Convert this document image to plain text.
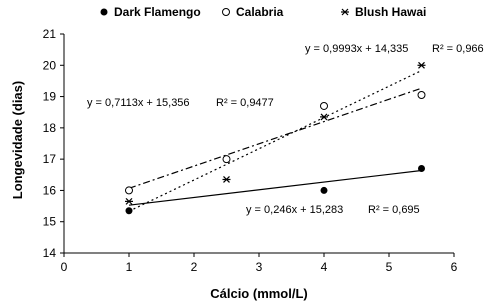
0	1	2	3	4	5	6
14
15
16
17
18
19
20
21
y = 0,246x + 15,283 R² = 0,695
y = 0,7113x + 15,356 R² = 0,9477
y = 0,9993x + 14,335 R² = 0,966
Dark Flamengo	Calabria	Blush Hawai
Cálcio (mmol/L)
Longevidade (dias)
